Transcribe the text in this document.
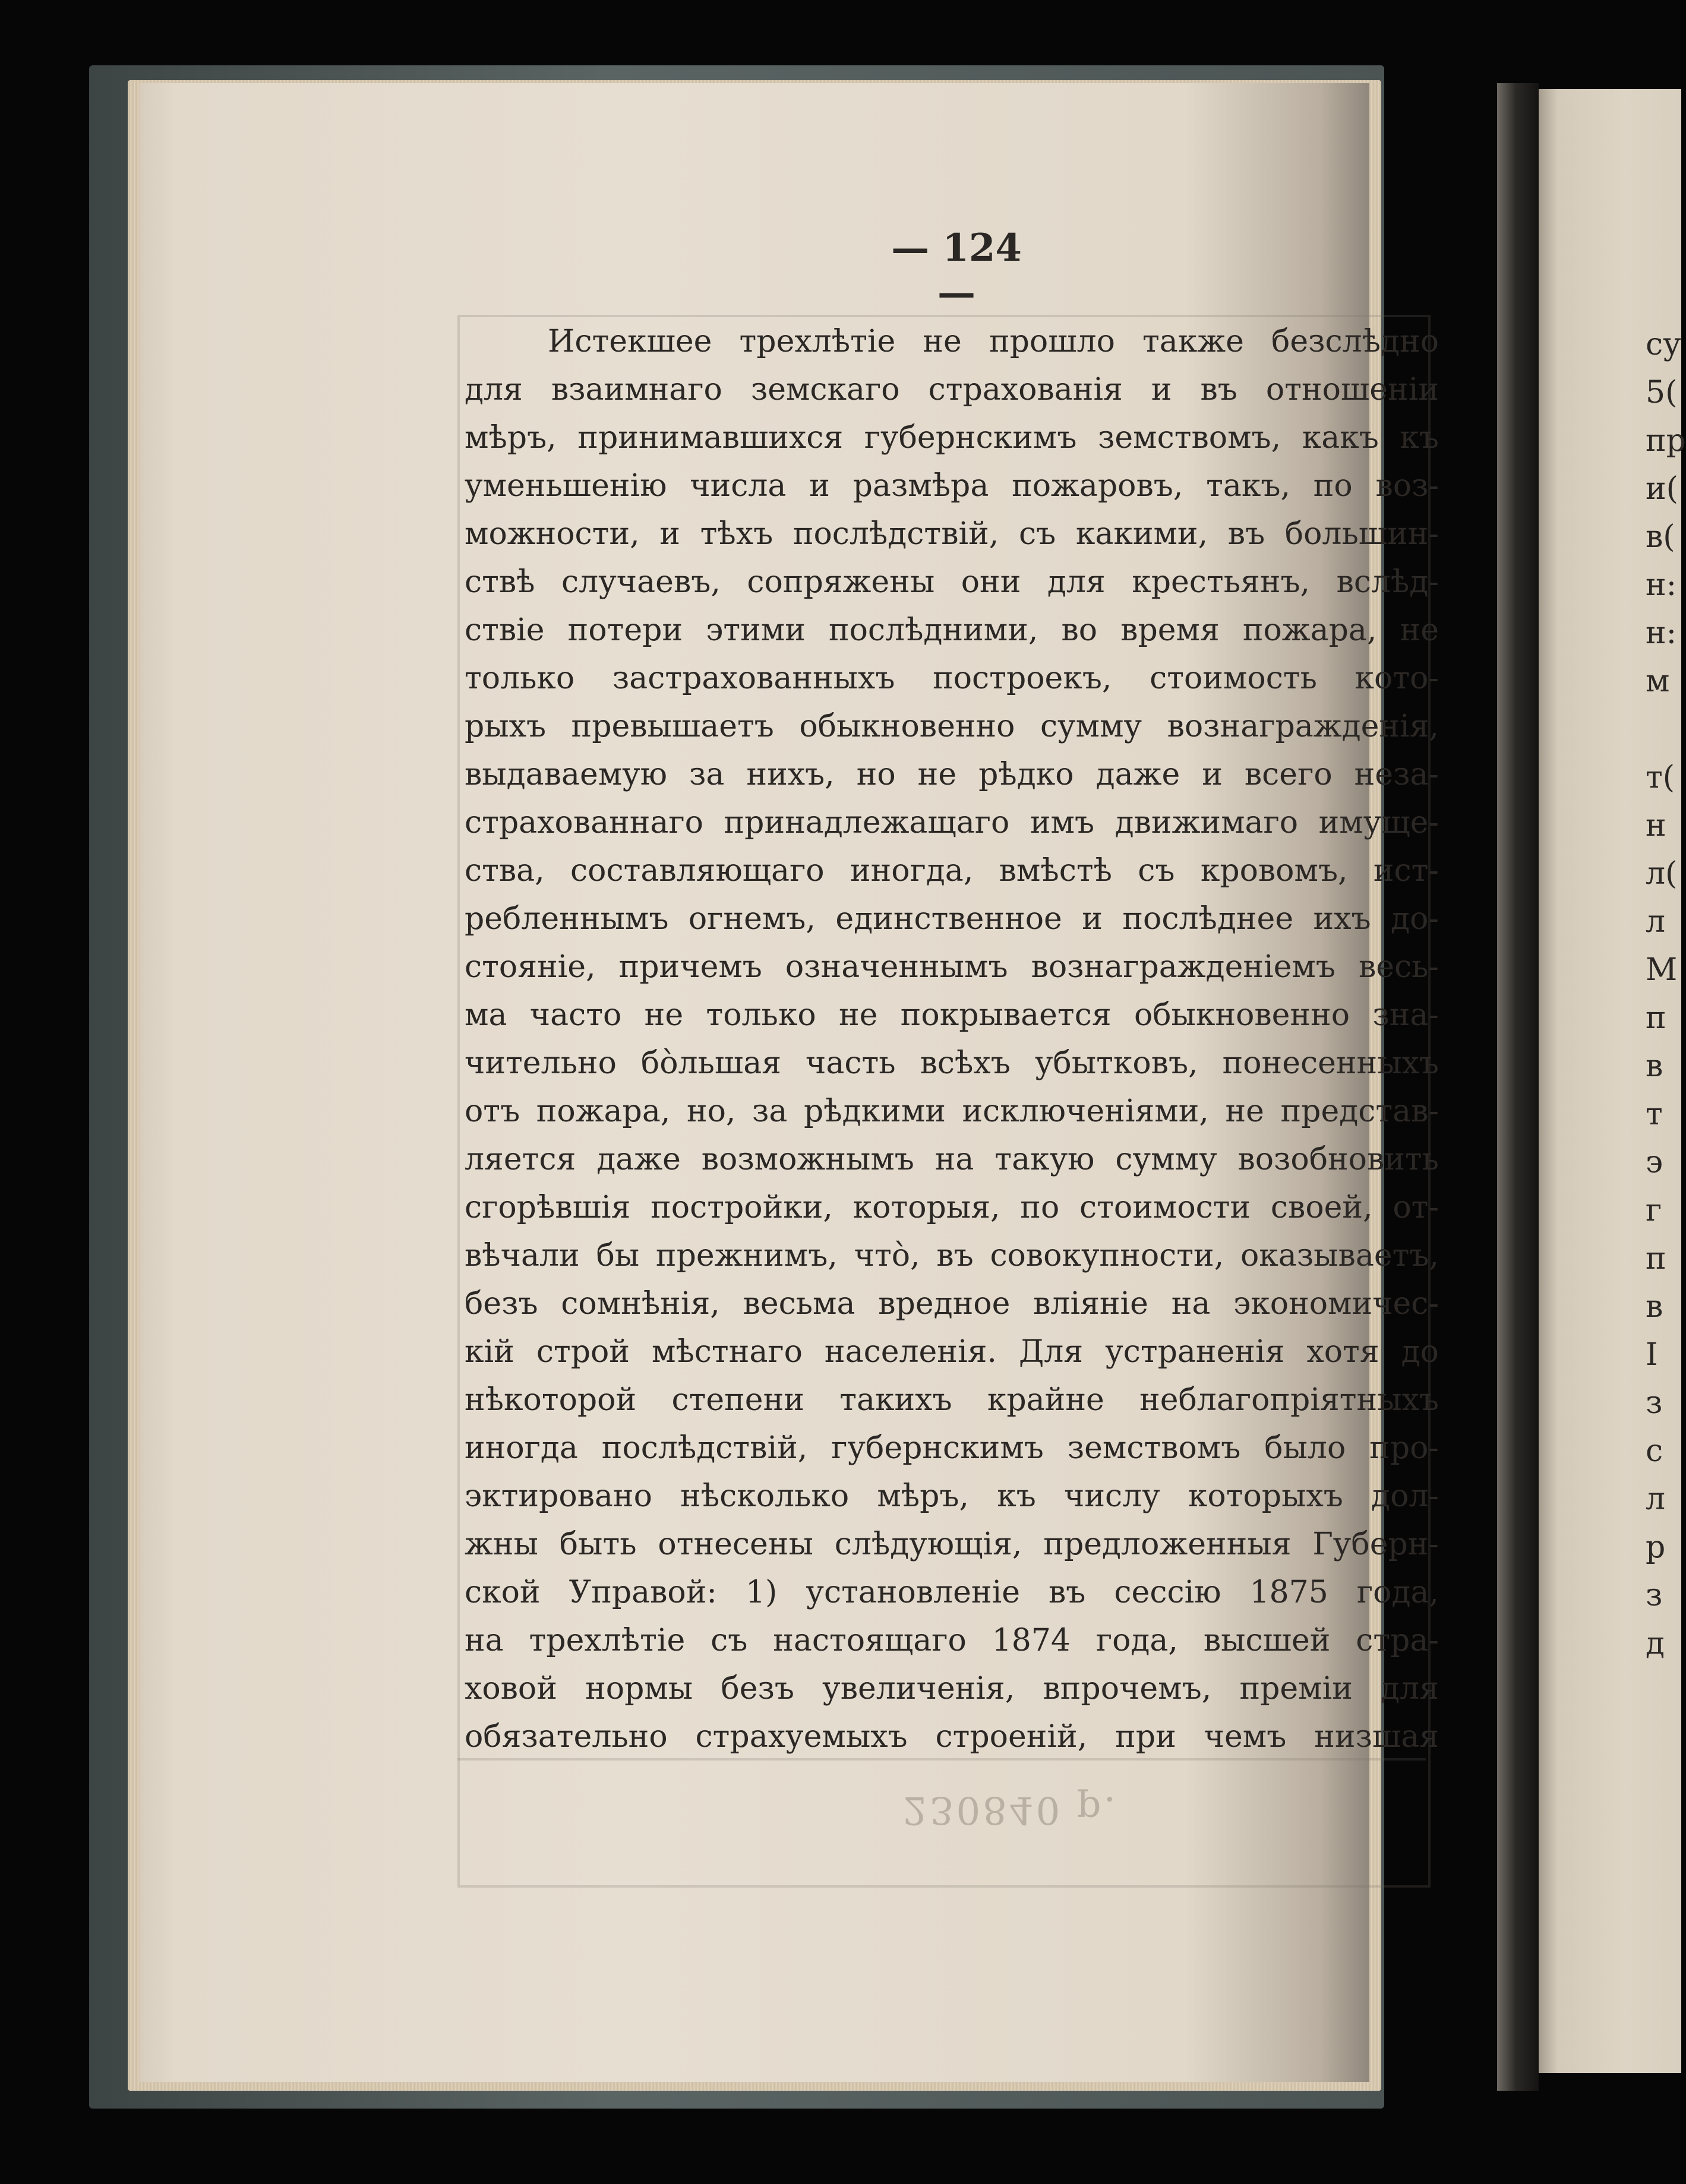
230840 р.
— 124 —
Истекшее трехлѣтіе не прошло также безслѣдно
для взаимнаго земскаго страхованія и въ отношеніи
мѣръ, принимавшихся губернскимъ земствомъ, какъ къ
уменьшенію числа и размѣра пожаровъ, такъ, по воз-
можности, и тѣхъ послѣдствій, съ какими, въ большин-
ствѣ случаевъ, сопряжены они для крестьянъ, вслѣд-
ствіе потери этими послѣдними, во время пожара, не
только застрахованныхъ построекъ, стоимость кото-
рыхъ превышаетъ обыкновенно сумму вознагражденія,
выдаваемую за нихъ, но не рѣдко даже и всего неза-
страхованнаго принадлежащаго имъ движимаго имуще-
ства, составляющаго иногда, вмѣстѣ съ кровомъ, ист-
ребленнымъ огнемъ, единственное и послѣднее ихъ до-
стояніе, причемъ означеннымъ вознагражденіемъ весь-
ма часто не только не покрывается обыкновенно зна-
чительно бо̀льшая часть всѣхъ убытковъ, понесенныхъ
отъ пожара, но, за рѣдкими исключеніями, не представ-
ляется даже возможнымъ на такую сумму возобновить
сгорѣвшія постройки, которыя, по стоимости своей, от-
вѣчали бы прежнимъ, что̀, въ совокупности, оказываетъ,
безъ сомнѣнія, весьма вредное вліяніе на экономичес-
кій строй мѣстнаго населенія. Для устраненія хотя до
нѣкоторой степени такихъ крайне неблагопріятныхъ
иногда послѣдствій, губернскимъ земствомъ было про-
эктировано нѣсколько мѣръ, къ числу которыхъ дол-
жны быть отнесены слѣдующія, предложенныя Губерн-
ской Управой: 1) установленіе въ сессію 1875 года,
на трехлѣтіе съ настоящаго 1874 года, высшей стра-
ховой нормы безъ увеличенія, впрочемъ, преміи для
обязательно страхуемыхъ строеній, при чемъ низшая
су
5(
пр
и(
в(
н:
н:
м
т(
н
л(
л
М
п
в
т
э
г
п
в
І
з
с
л
р
з
д
